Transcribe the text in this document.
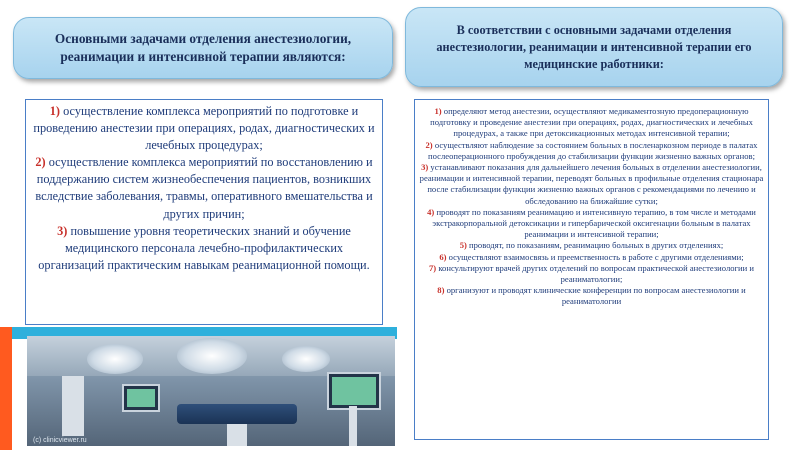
Основными задачами отделения анестезиологии, реанимации и интенсивной терапии являются:
В соответствии с основными задачами отделения анестезиологии, реанимации и интенсивной терапии его медицинские работники:

1) осуществление комплекса мероприятий по подготовке и проведению анестезии при операциях, родах, диагностических и лечебных процедурах;

2) осуществление комплекса мероприятий по восстановлению и поддержанию систем жизнеобеспечения пациентов, возникших вследствие заболевания, травмы, оперативного вмешательства и других причин;

3) повышение уровня теоретических знаний и обучение медицинского персонала лечебно-профилактических организаций практическим навыкам реанимационной помощи.

1) определяют метод анестезии, осуществляют медикаментозную предоперационную подготовку и проведение анестезии при операциях, родах, диагностических и лечебных процедурах, а также при детоксикационных методах интенсивной терапии;

2) осуществляют наблюдение за состоянием больных в посленаркозном периоде в палатах послеоперационного пробуждения до стабилизации функции жизненно важных органов;

3) устанавливают показания для дальнейшего лечения больных в отделении анестезиологии, реанимации и интенсивной терапии, переводят больных в профильные отделения стационара после стабилизации функции жизненно важных органов с рекомендациями по лечению и обследованию на ближайшие сутки;

4) проводят по показаниям реанимацию и интенсивную терапию, в том числе и методами экстракорпоральной детоксикации и гипербарической оксигенации больным в палатах реанимации и интенсивной терапии;

5) проводят, по показаниям, реанимацию больных в других отделениях;

6) осуществляют взаимосвязь и преемственность в работе с другими отделениями;

7) консультируют врачей других отделений по вопросам практической анестезиологии и реаниматологии;

8) организуют и проводят клинические конференции по вопросам анестезиологии и реаниматологии

(c) clinicviewer.ru
